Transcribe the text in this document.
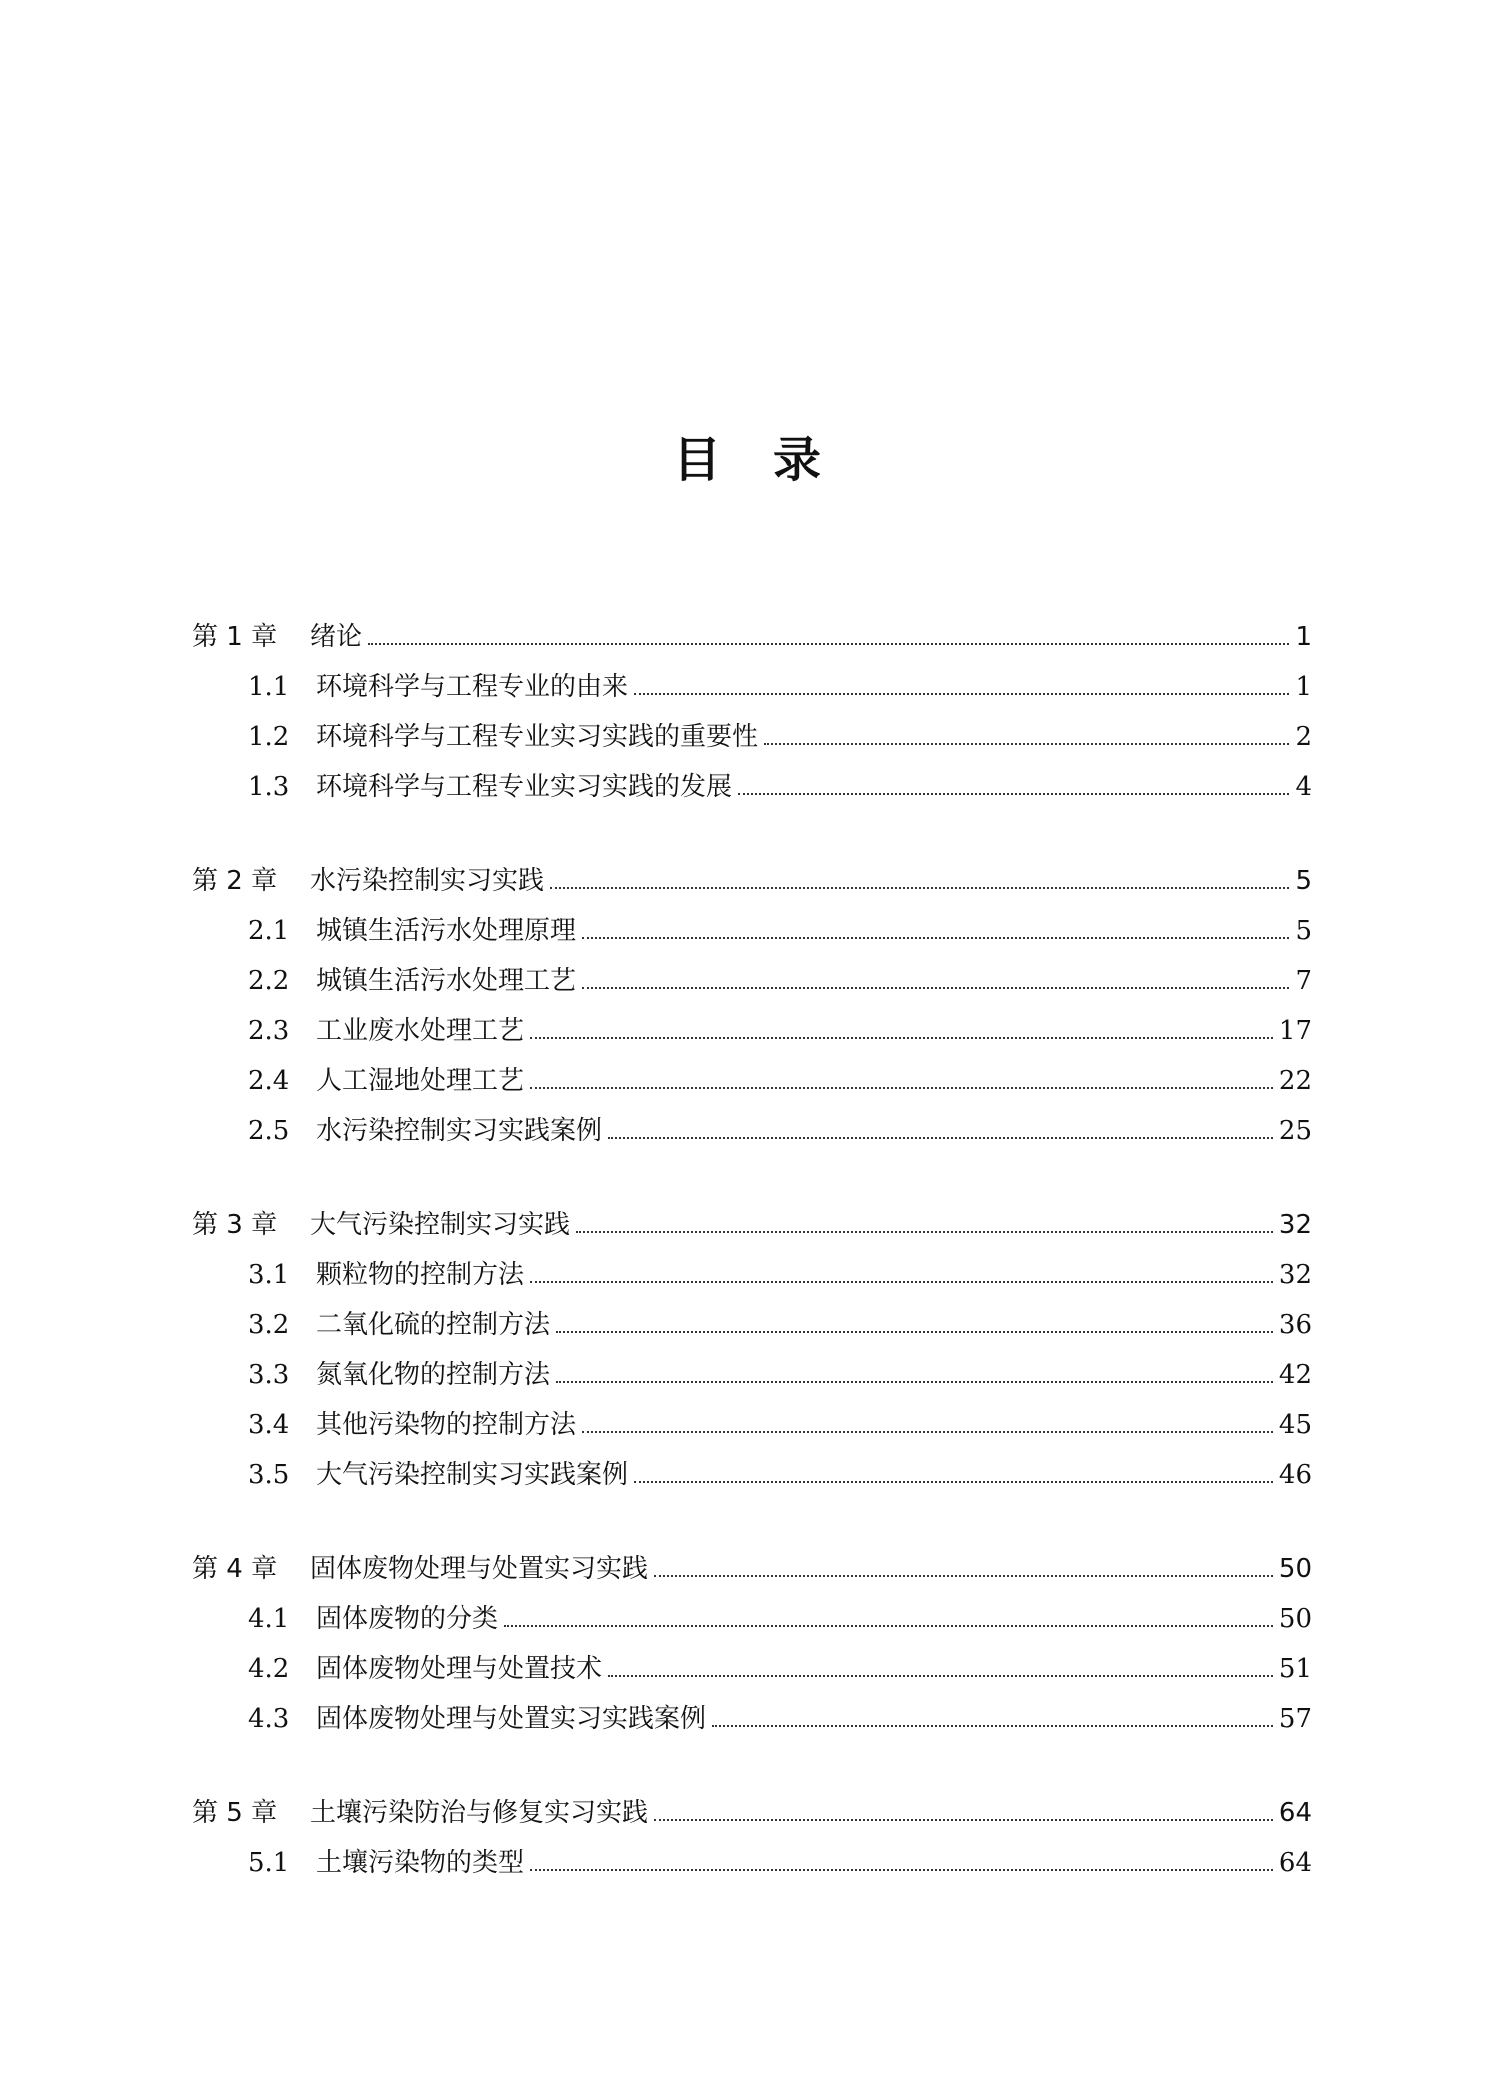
目　录
第 1 章	绪论	1
1.1	环境科学与工程专业的由来	1
1.2	环境科学与工程专业实习实践的重要性	2
1.3	环境科学与工程专业实习实践的发展	4
第 2 章	水污染控制实习实践	5
2.1	城镇生活污水处理原理	5
2.2	城镇生活污水处理工艺	7
2.3	工业废水处理工艺	17
2.4	人工湿地处理工艺	22
2.5	水污染控制实习实践案例	25
第 3 章	大气污染控制实习实践	32
3.1	颗粒物的控制方法	32
3.2	二氧化硫的控制方法	36
3.3	氮氧化物的控制方法	42
3.4	其他污染物的控制方法	45
3.5	大气污染控制实习实践案例	46
第 4 章	固体废物处理与处置实习实践	50
4.1	固体废物的分类	50
4.2	固体废物处理与处置技术	51
4.3	固体废物处理与处置实习实践案例	57
第 5 章	土壤污染防治与修复实习实践	64
5.1	土壤污染物的类型	64
